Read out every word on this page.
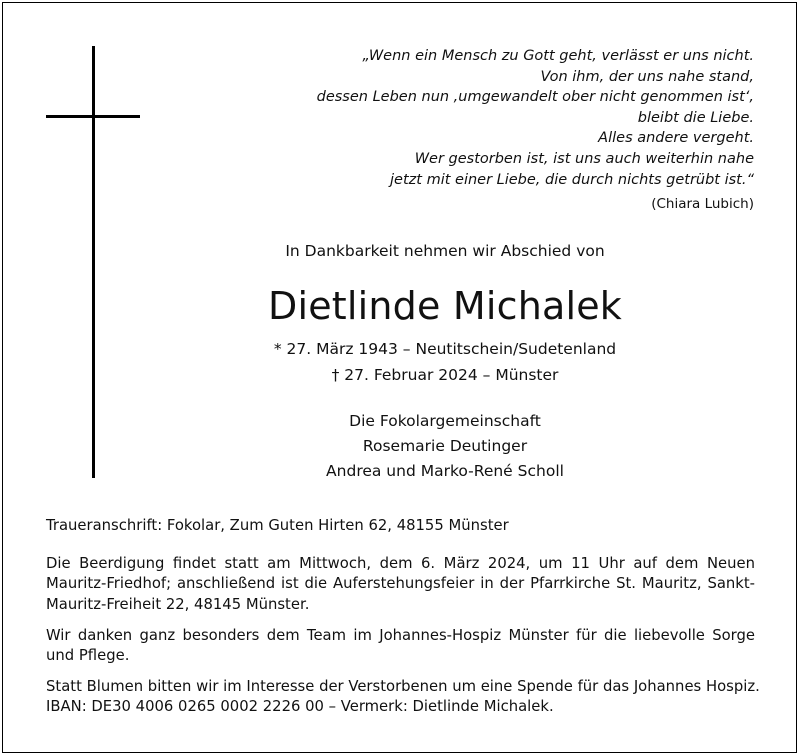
„Wenn ein Mensch zu Gott geht, verlässt er uns nicht.
Von ihm, der uns nahe stand,
dessen Leben nun ‚umgewandelt ober nicht genommen ist‘,
bleibt die Liebe.
Alles andere vergeht.
Wer gestorben ist, ist uns auch weiterhin nahe
jetzt mit einer Liebe, die durch nichts getrübt ist.“
(Chiara Lubich)
In Dankbarkeit nehmen wir Abschied von
Dietlinde Michalek
* 27. März 1943 – Neutitschein/Sudetenland
† 27. Februar 2024 – Münster
Die Fokolargemeinschaft
Rosemarie Deutinger
Andrea und Marko-René Scholl
Traueranschrift: Fokolar, Zum Guten Hirten 62, 48155 Münster
Die Beerdigung findet statt am Mittwoch, dem 6. März 2024, um 11 Uhr auf dem Neuen Mauritz-Friedhof; anschließend ist die Auferstehungsfeier in der Pfarrkirche St. Mauritz, Sankt-Mauritz-Freiheit 22, 48145 Münster.
Wir danken ganz besonders dem Team im Johannes-Hospiz Münster für die liebevolle Sorge und Pflege.
Statt Blumen bitten wir im Interesse der Verstorbenen um eine Spende für das Johannes Hospiz.
IBAN: DE30 4006 0265 0002 2226 00 – Vermerk: Dietlinde Michalek.
